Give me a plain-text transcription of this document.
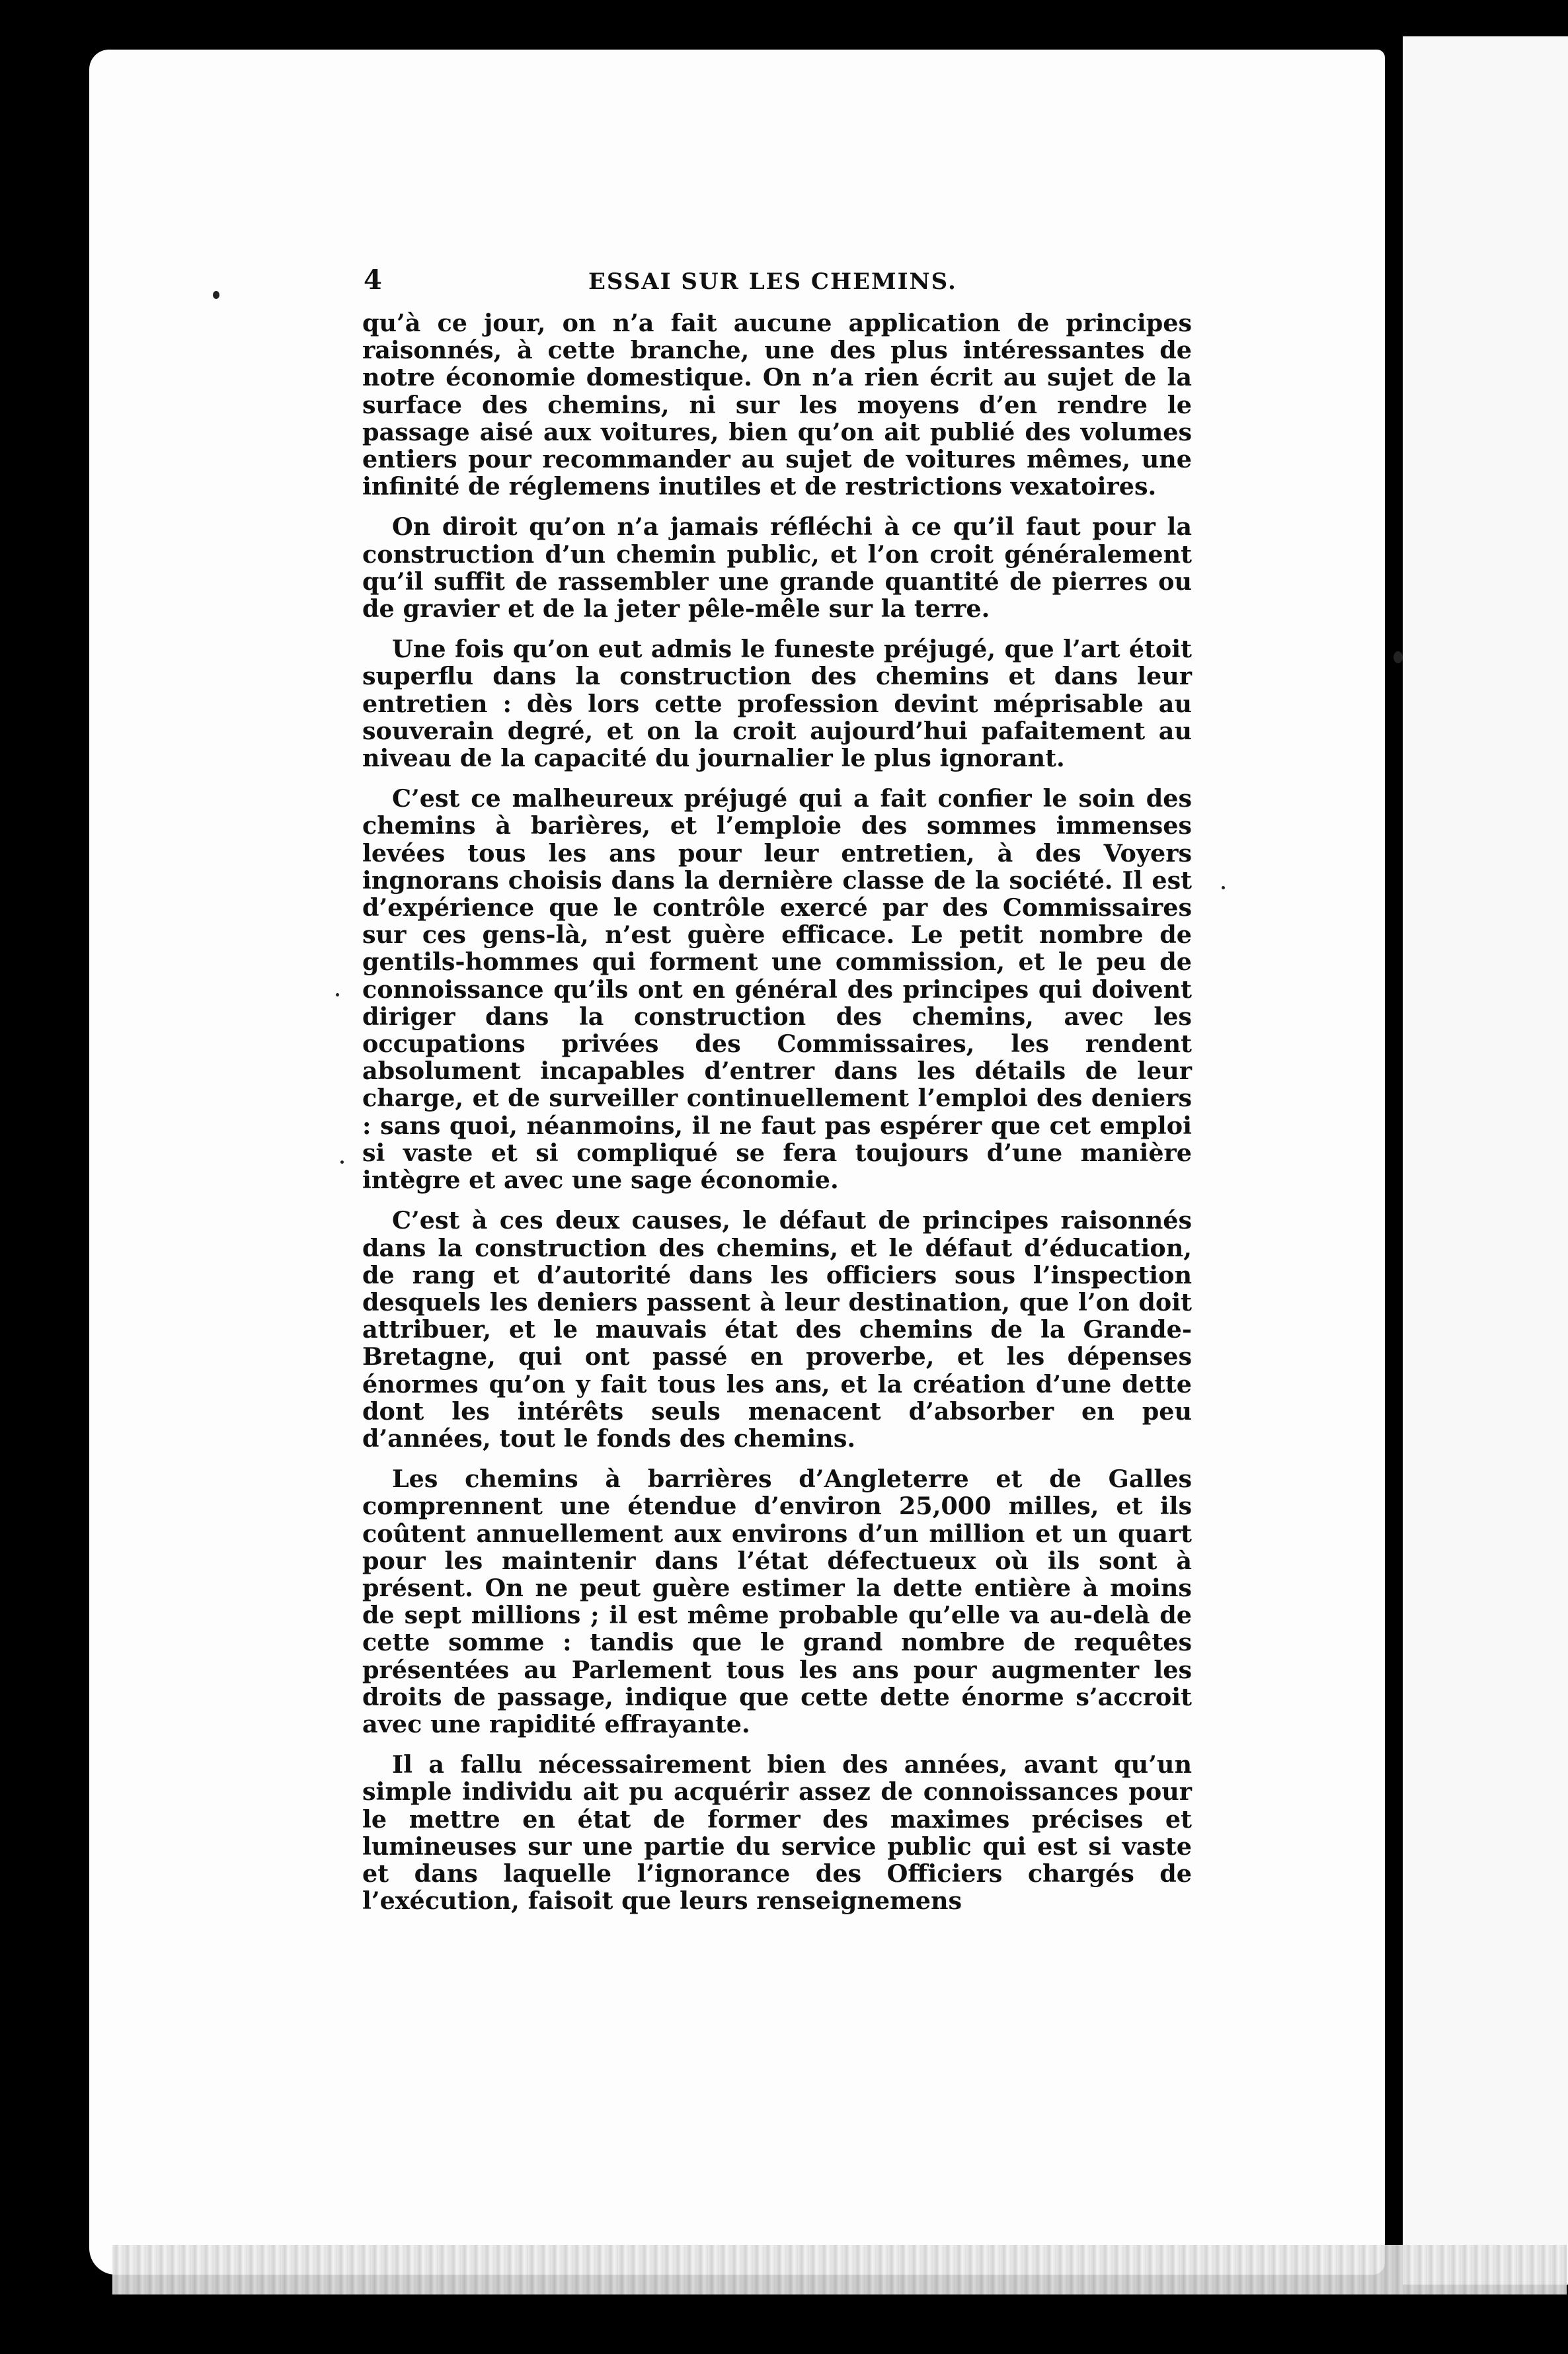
4	ESSAI SUR LES CHEMINS.

qu’à ce jour, on n’a fait aucune application de principes raisonnés, à cette branche, une des plus intéressantes de notre économie domestique. On n’a rien écrit au sujet de la surface des chemins, ni sur les moyens d’en rendre le passage aisé aux voitures, bien qu’on ait publié des volumes entiers pour recommander au sujet de voitures mêmes, une infinité de réglemens inutiles et de restrictions vexatoires.

On diroit qu’on n’a jamais réfléchi à ce qu’il faut pour la construction d’un chemin public, et l’on croit généralement qu’il suffit de rassembler une grande quantité de pierres ou de gravier et de la jeter pêle-mêle sur la terre.

Une fois qu’on eut admis le funeste préjugé, que l’art étoit superflu dans la construction des chemins et dans leur entretien : dès lors cette profession devint méprisable au souverain degré, et on la croit aujourd’hui pafaitement au niveau de la capacité du journalier le plus ignorant.

C’est ce malheureux préjugé qui a fait confier le soin des chemins à barières, et l’emploie des sommes immenses levées tous les ans pour leur entretien, à des Voyers ingnorans choisis dans la dernière classe de la société. Il est d’expérience que le contrôle exercé par des Commissaires sur ces gens-là, n’est guère efficace. Le petit nombre de gentils-hommes qui forment une commission, et le peu de connoissance qu’ils ont en général des principes qui doivent diriger dans la construction des chemins, avec les occupations privées des Commissaires, les rendent absolument incapables d’entrer dans les détails de leur charge, et de surveiller continuellement l’emploi des deniers : sans quoi, néanmoins, il ne faut pas espérer que cet emploi si vaste et si compliqué se fera toujours d’une manière intègre et avec une sage économie.

C’est à ces deux causes, le défaut de principes raisonnés dans la construction des chemins, et le défaut d’éducation, de rang et d’autorité dans les officiers sous l’inspection desquels les deniers passent à leur destination, que l’on doit attribuer, et le mauvais état des chemins de la Grande-Bretagne, qui ont passé en proverbe, et les dépenses énormes qu’on y fait tous les ans, et la création d’une dette dont les intérêts seuls menacent d’absorber en peu d’années, tout le fonds des chemins.

Les chemins à barrières d’Angleterre et de Galles comprennent une étendue d’environ 25,000 milles, et ils coûtent annuellement aux environs d’un million et un quart pour les maintenir dans l’état défectueux où ils sont à présent. On ne peut guère estimer la dette entière à moins de sept millions ; il est même probable qu’elle va au-delà de cette somme : tandis que le grand nombre de requêtes présentées au Parlement tous les ans pour augmenter les droits de passage, indique que cette dette énorme s’accroit avec une rapidité effrayante.

Il a fallu nécessairement bien des années, avant qu’un simple individu ait pu acquérir assez de connoissances pour le mettre en état de former des maximes précises et lumineuses sur une partie du service public qui est si vaste et dans laquelle l’ignorance des Officiers chargés de l’exécution, faisoit que leurs renseignemens
